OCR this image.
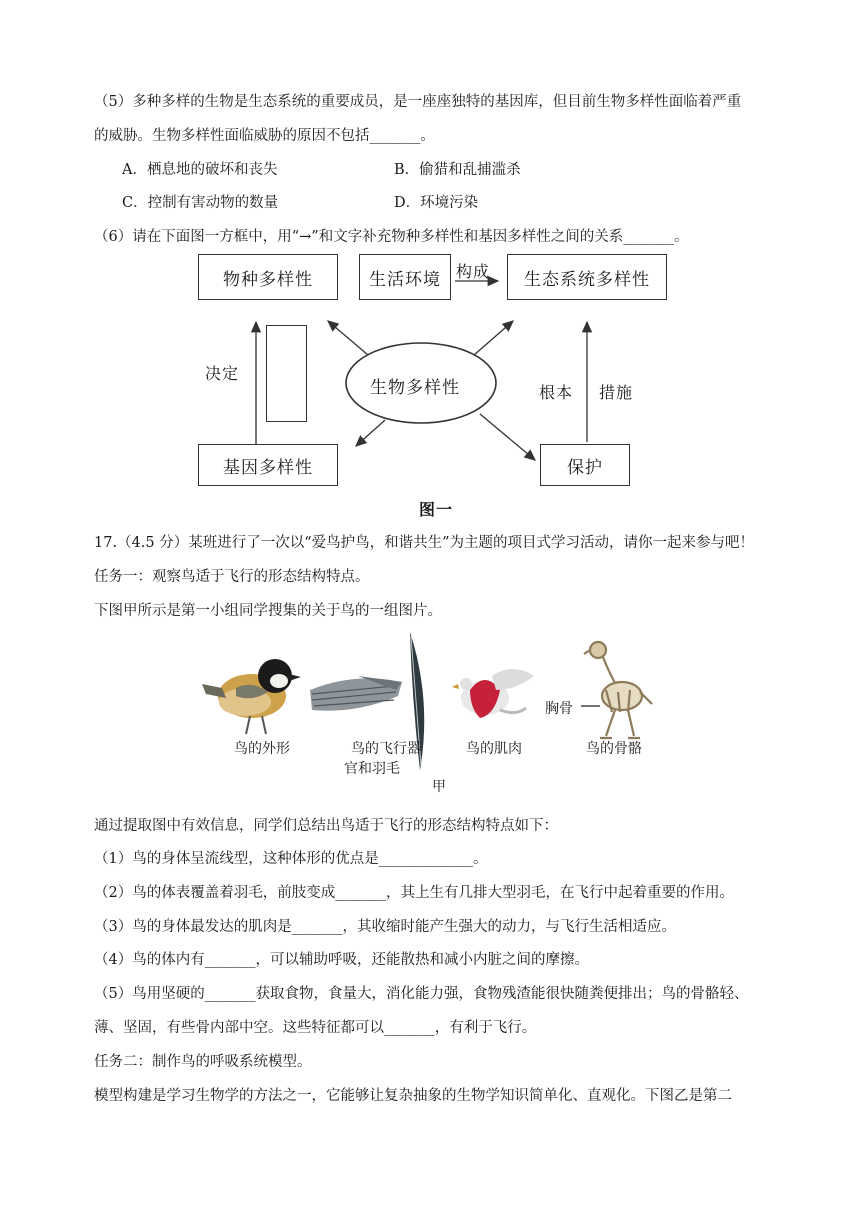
（5）多种多样的生物是生态系统的重要成员，是一座座独特的基因库，但目前生物多样性面临着严重
的威胁。生物多样性面临威胁的原因不包括_______。
A．栖息地的破坏和丧失	B．偷猎和乱捕滥杀
C．控制有害动物的数量	D．环境污染
（6）请在下面图一方框中，用“→”和文字补充物种多样性和基因多样性之间的关系_______。
物种多样性	生活环境 构成	生态系统多样性
决定
生物多样性	根本 措施
基因多样性	保护
图一
17.（4.5 分）某班进行了一次以“爱鸟护鸟，和谐共生”为主题的项目式学习活动，请你一起来参与吧！
任务一：观察鸟适于飞行的形态结构特点。
下图甲所示是第一小组同学搜集的关于鸟的一组图片。
鸟的外形	鸟的飞行器
官和羽毛
鸟的肌肉
胸骨
鸟的骨骼
甲
通过提取图中有效信息，同学们总结出鸟适于飞行的形态结构特点如下：
（1）鸟的身体呈流线型，这种体形的优点是_____________。
（2）鸟的体表覆盖着羽毛，前肢变成_______，其上生有几排大型羽毛，在飞行中起着重要的作用。
（3）鸟的身体最发达的肌肉是_______，其收缩时能产生强大的动力，与飞行生活相适应。
（4）鸟的体内有_______，可以辅助呼吸，还能散热和减小内脏之间的摩擦。
（5）鸟用坚硬的_______获取食物，食量大，消化能力强，食物残渣能很快随粪便排出；鸟的骨骼轻、
薄、坚固，有些骨内部中空。这些特征都可以_______，有利于飞行。
任务二：制作鸟的呼吸系统模型。
模型构建是学习生物学的方法之一，它能够让复杂抽象的生物学知识简单化、直观化。下图乙是第二
